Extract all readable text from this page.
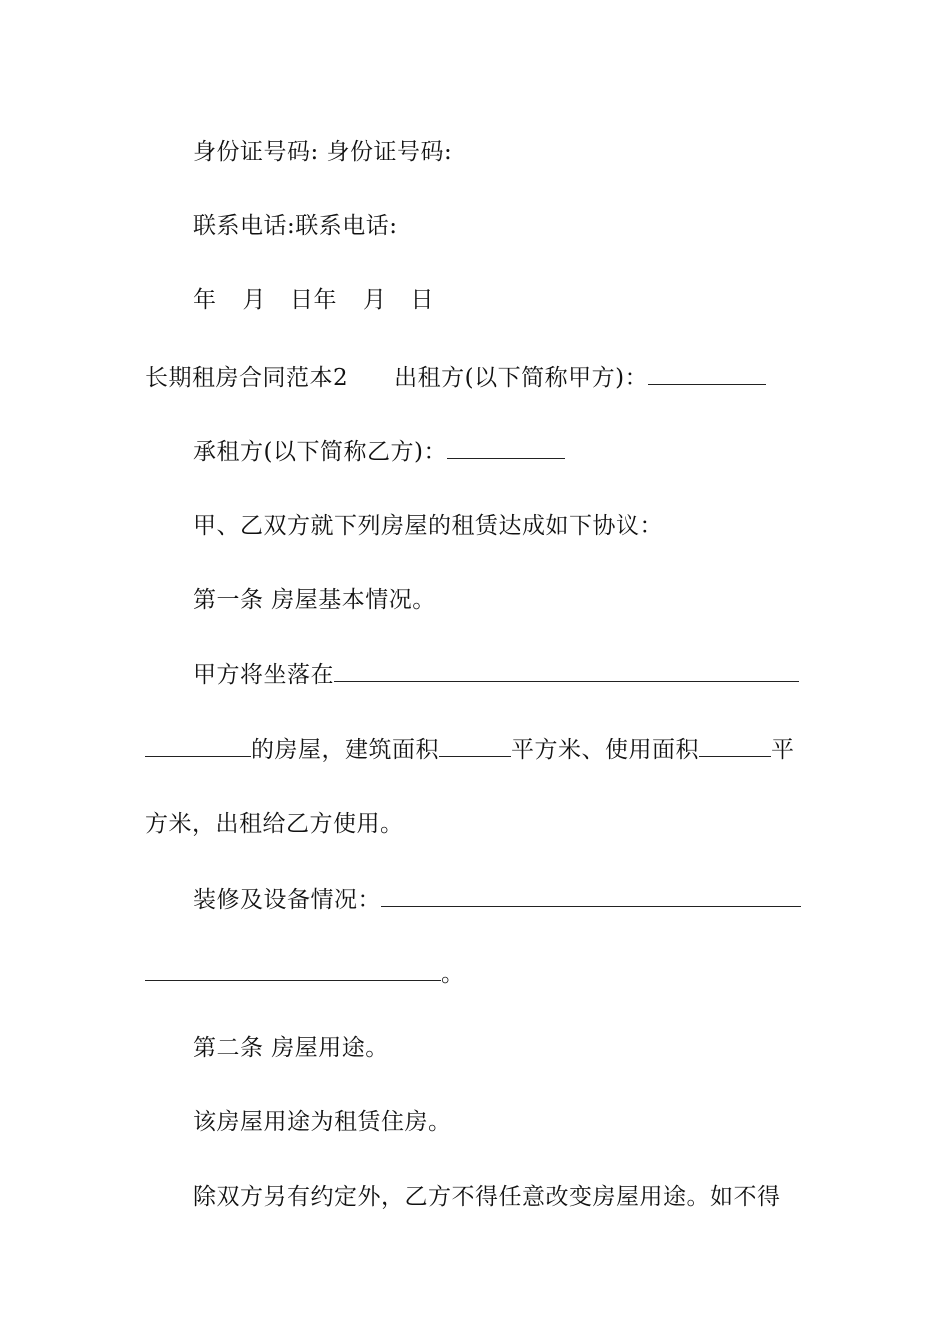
身份证号码: 身份证号码:
联系电话:联系电话:
年 月 日年 月 日
长期租房合同范本2 出租方(以下简称甲方)：
承租方(以下简称乙方)：
甲、乙双方就下列房屋的租赁达成如下协议：
第一条 房屋基本情况。
甲方将坐落在
的房屋，建筑面积	平方米、使用面积	平
方米，出租给乙方使用。
装修及设备情况：
。
第二条 房屋用途。
该房屋用途为租赁住房。
除双方另有约定外，乙方不得任意改变房屋用途。如不得
